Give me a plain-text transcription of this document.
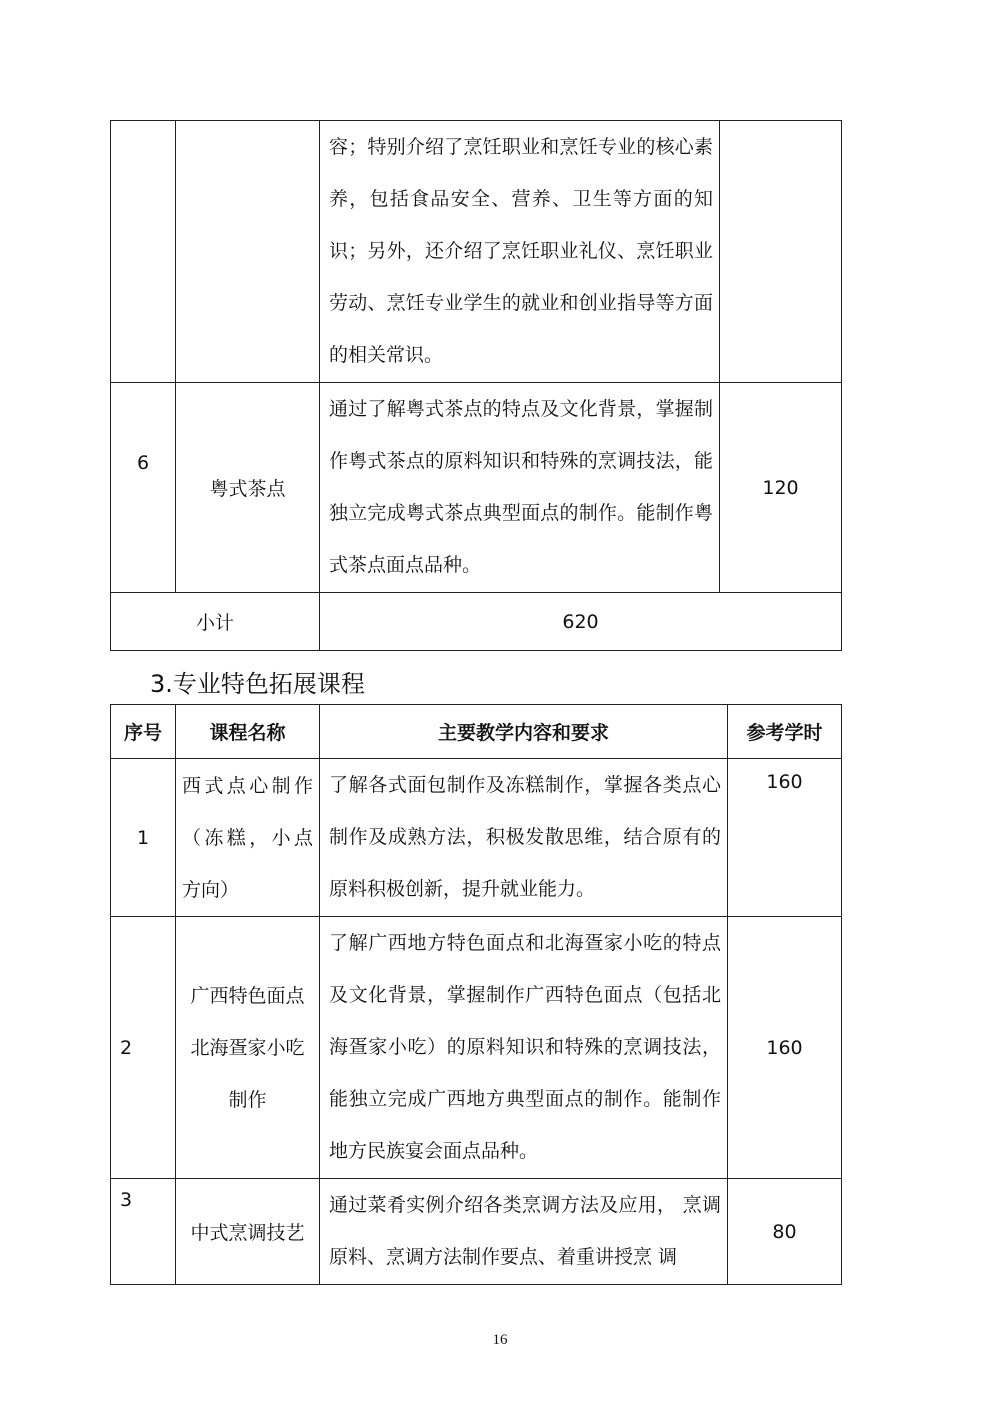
		容；特别介绍了烹饪职业和烹饪专业的核心素养，包括食品安全、营养、卫生等方面的知识；另外，还介绍了烹饪职业礼仪、烹饪职业劳动、烹饪专业学生的就业和创业指导等方面的相关常识。	
6	粤式茶点	通过了解粤式茶点的特点及文化背景，掌握制作粤式茶点的原料知识和特殊的烹调技法，能独立完成粤式茶点典型面点的制作。能制作粤式茶点面点品种。	120
小计		620	
3.专业特色拓展课程
序号	课程名称	主要教学内容和要求	参考学时
1	西式点心制作（冻糕，小点方向）	了解各式面包制作及冻糕制作，掌握各类点心制作及成熟方法，积极发散思维，结合原有的原料积极创新，提升就业能力。	160
2	广西特色面点北海疍家小吃制作	了解广西地方特色面点和北海疍家小吃的特点及文化背景，掌握制作广西特色面点（包括北海疍家小吃）的原料知识和特殊的烹调技法，能独立完成广西地方典型面点的制作。能制作地方民族宴会面点品种。	160
3	中式烹调技艺	通过菜肴实例介绍各类烹调方法及应用， 烹调原料、烹调方法制作要点、着重讲授烹 调	80
16
